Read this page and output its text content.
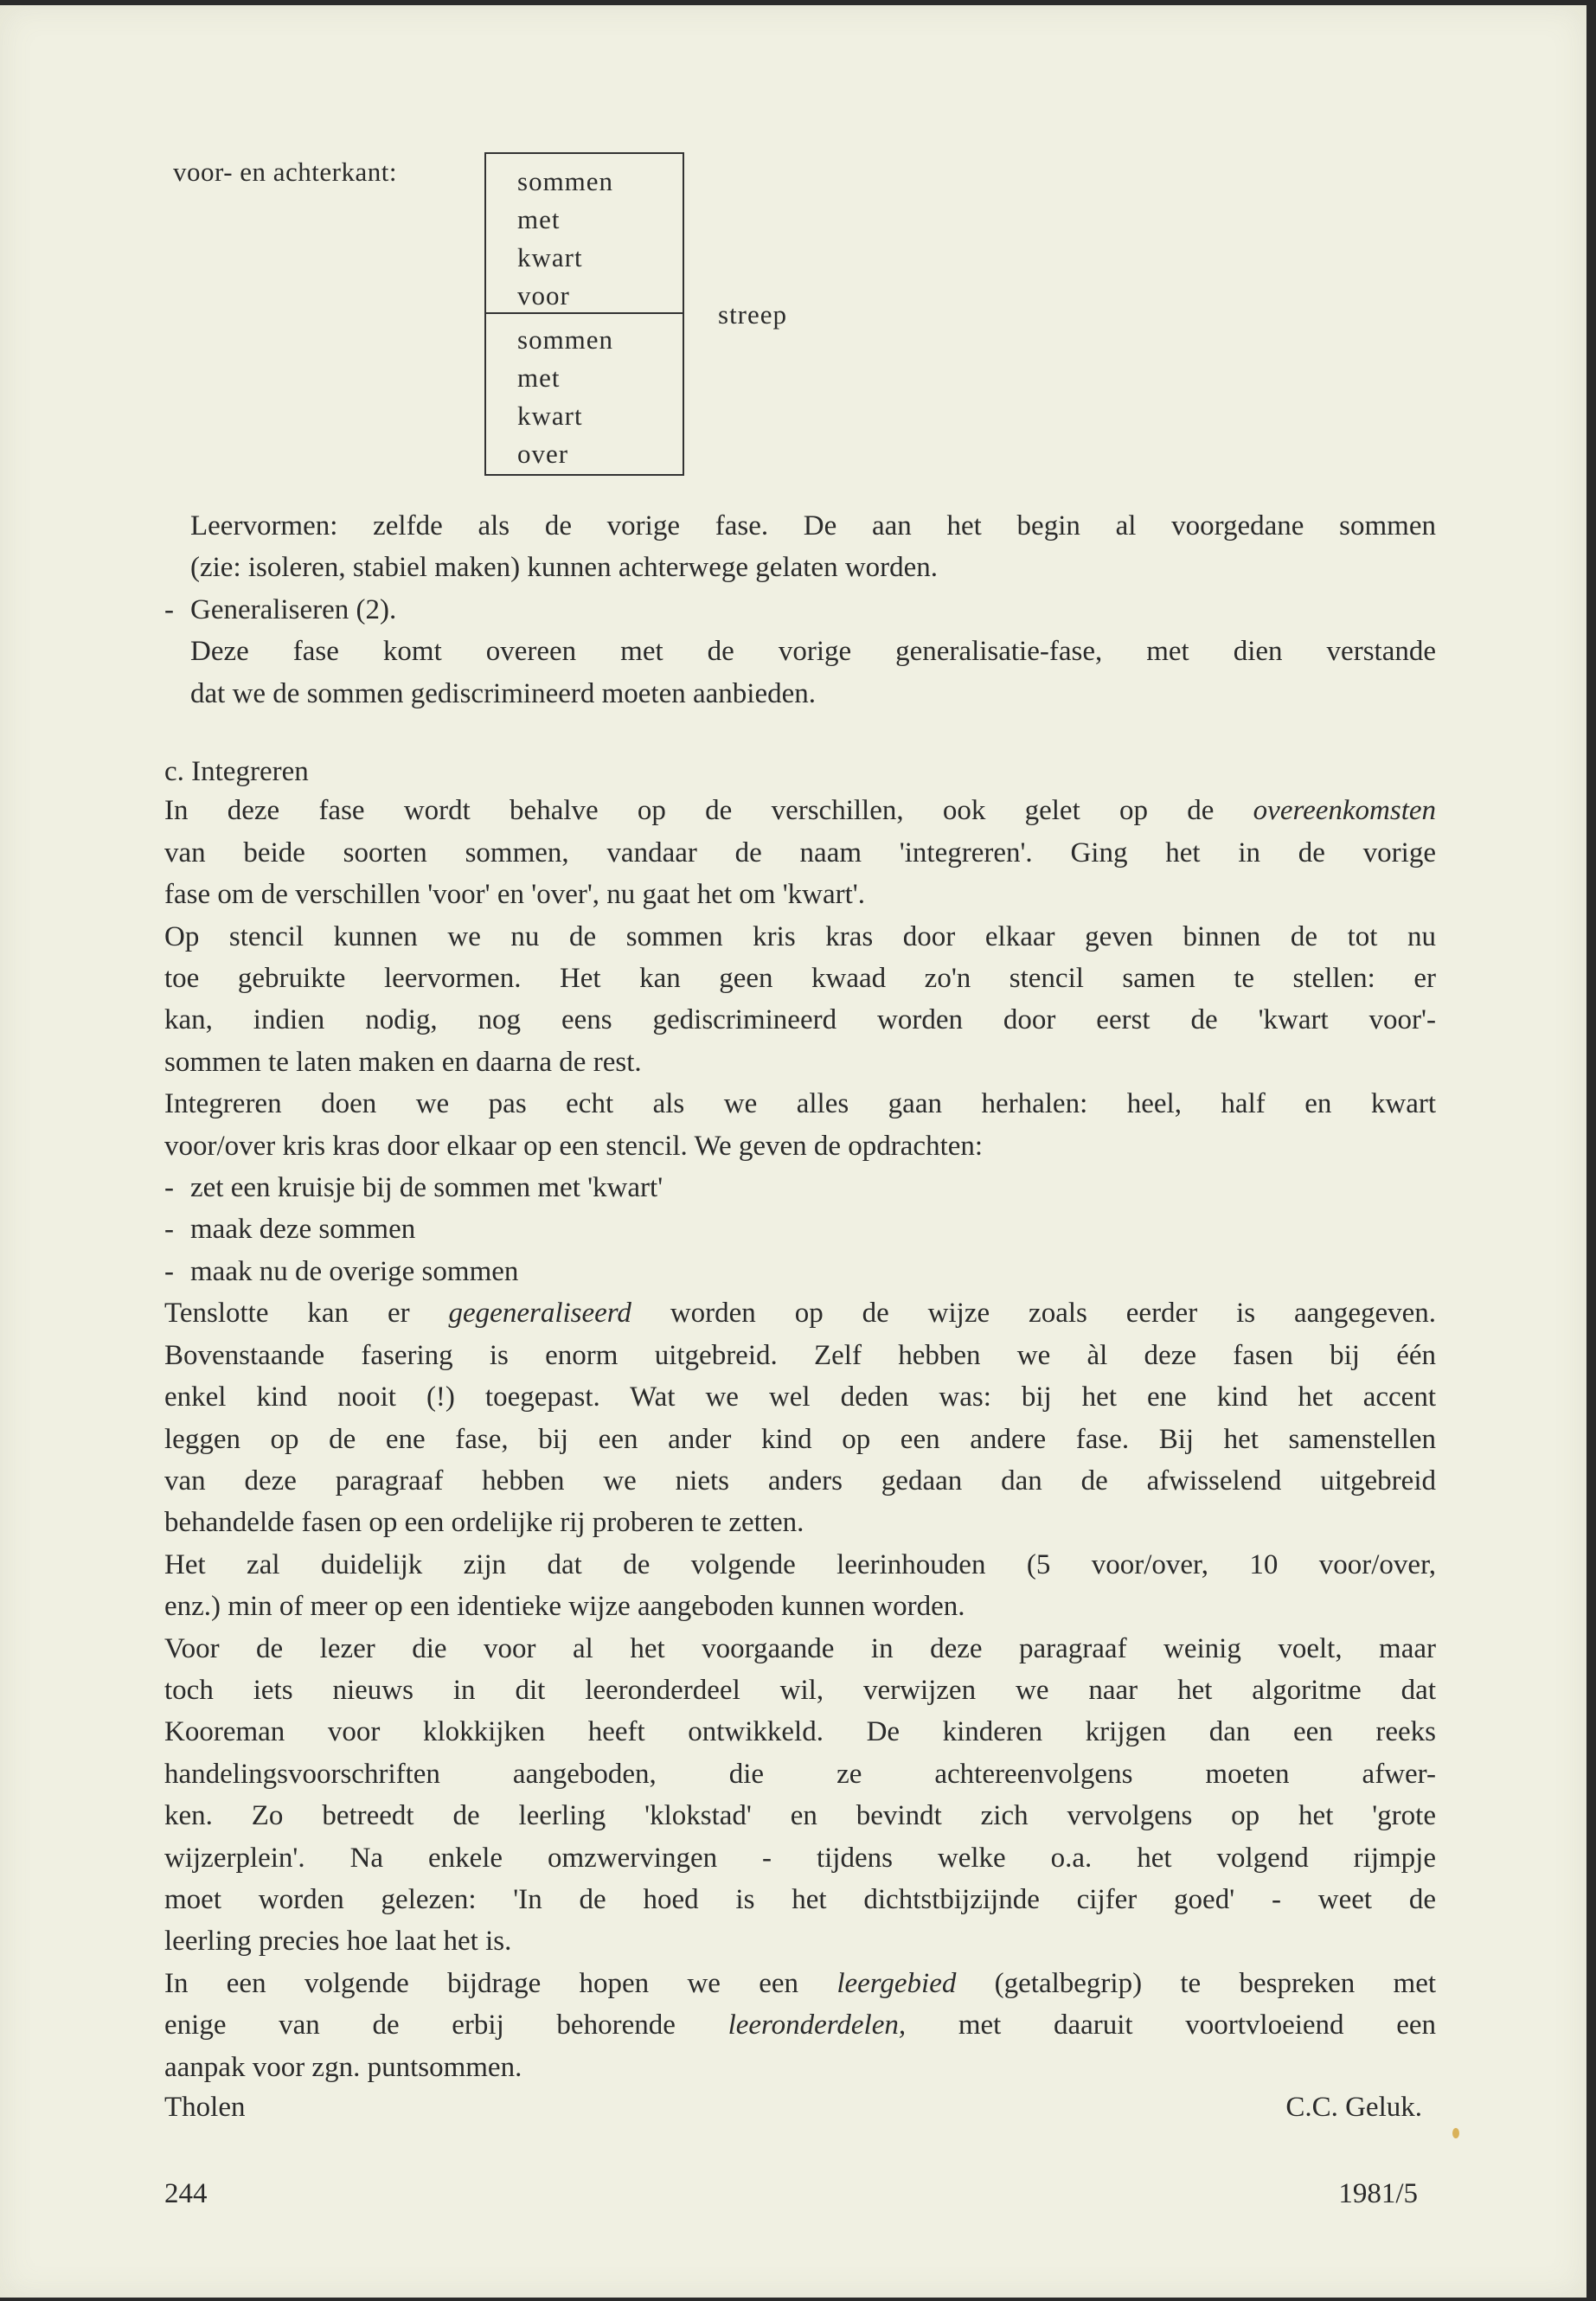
voor- en achterkant:	sommen
met
kwart
voor
sommen
met
kwart
over
streep
Leervormen: zelfde als de vorige fase. De aan het begin al voorgedane sommen
(zie: isoleren, stabiel maken) kunnen achterwege gelaten worden.
- Generaliseren (2).
Deze fase komt overeen met de vorige generalisatie-fase, met dien verstande
dat we de sommen gediscrimineerd moeten aanbieden.
c. Integreren
In deze fase wordt behalve op de verschillen, ook gelet op de overeenkomsten
van beide soorten sommen, vandaar de naam 'integreren'. Ging het in de vorige
fase om de verschillen 'voor' en 'over', nu gaat het om 'kwart'.
Op stencil kunnen we nu de sommen kris kras door elkaar geven binnen de tot nu
toe gebruikte leervormen. Het kan geen kwaad zo'n stencil samen te stellen: er
kan, indien nodig, nog eens gediscrimineerd worden door eerst de 'kwart voor'-
sommen te laten maken en daarna de rest.
Integreren doen we pas echt als we alles gaan herhalen: heel, half en kwart
voor/over kris kras door elkaar op een stencil. We geven de opdrachten:
- zet een kruisje bij de sommen met 'kwart'
- maak deze sommen
- maak nu de overige sommen
Tenslotte kan er gegeneraliseerd worden op de wijze zoals eerder is aangegeven.
Bovenstaande fasering is enorm uitgebreid. Zelf hebben we àl deze fasen bij één
enkel kind nooit (!) toegepast. Wat we wel deden was: bij het ene kind het accent
leggen op de ene fase, bij een ander kind op een andere fase. Bij het samenstellen
van deze paragraaf hebben we niets anders gedaan dan de afwisselend uitgebreid
behandelde fasen op een ordelijke rij proberen te zetten.
Het zal duidelijk zijn dat de volgende leerinhouden (5 voor/over, 10 voor/over,
enz.) min of meer op een identieke wijze aangeboden kunnen worden.
Voor de lezer die voor al het voorgaande in deze paragraaf weinig voelt, maar
toch iets nieuws in dit leeronderdeel wil, verwijzen we naar het algoritme dat
Kooreman voor klokkijken heeft ontwikkeld. De kinderen krijgen dan een reeks
handelingsvoorschriften aangeboden, die ze achtereenvolgens moeten afwer-
ken. Zo betreedt de leerling 'klokstad' en bevindt zich vervolgens op het 'grote
wijzerplein'. Na enkele omzwervingen - tijdens welke o.a. het volgend rijmpje
moet worden gelezen: 'In de hoed is het dichtstbijzijnde cijfer goed' - weet de
leerling precies hoe laat het is.
In een volgende bijdrage hopen we een leergebied (getalbegrip) te bespreken met
enige van de erbij behorende leeronderdelen, met daaruit voortvloeiend een
aanpak voor zgn. puntsommen.
Tholen	C.C. Geluk.
244	1981/5
